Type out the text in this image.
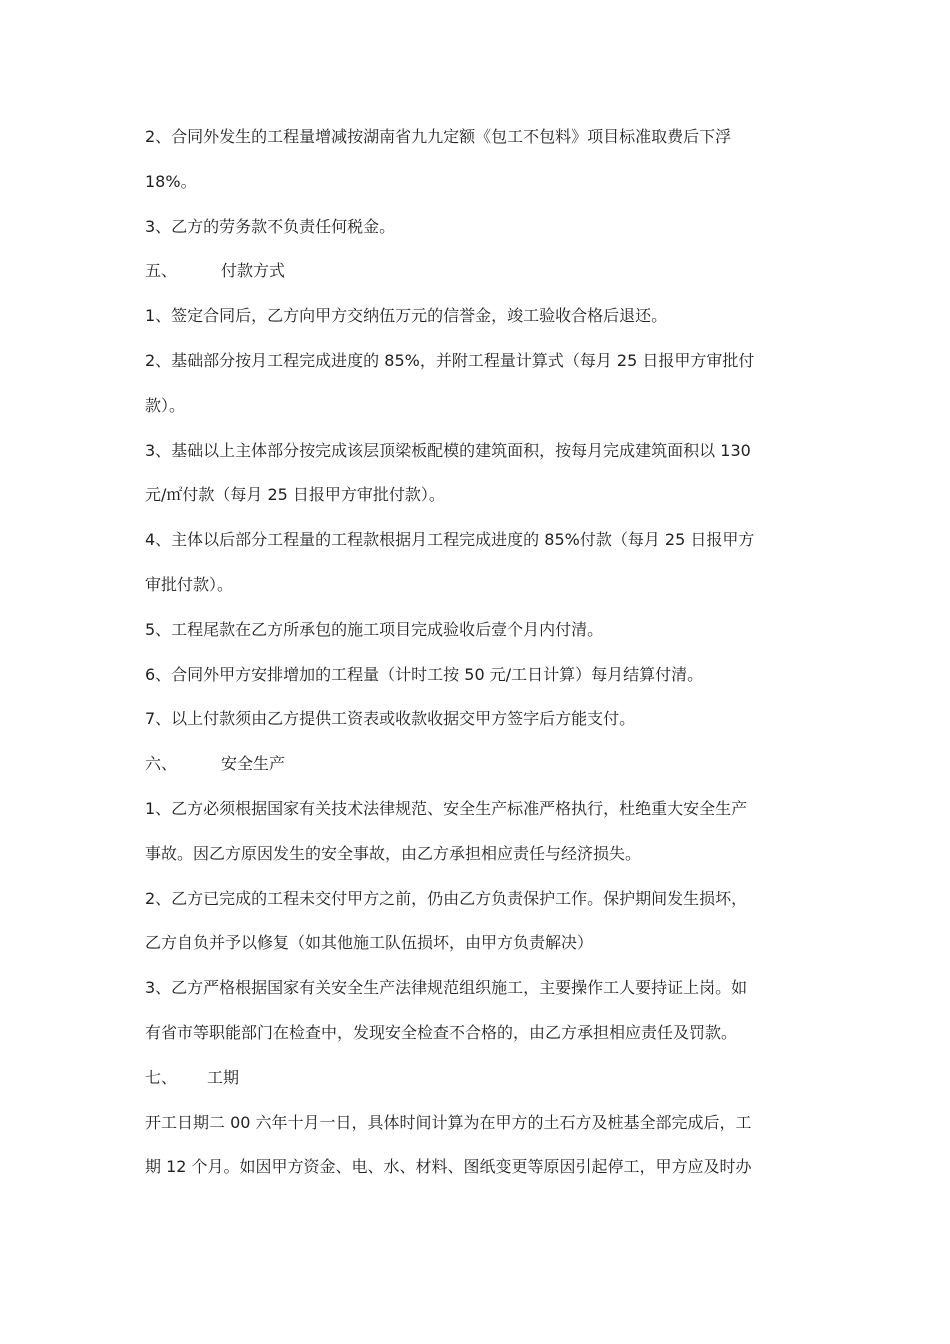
2、合同外发生的工程量增减按湖南省九九定额《包工不包料》项目标准取费后下浮
18%。
3、乙方的劳务款不负责任何税金。
五、	付款方式
1、签定合同后，乙方向甲方交纳伍万元的信誉金，竣工验收合格后退还。
2、基础部分按月工程完成进度的 85%，并附工程量计算式（每月 25 日报甲方审批付
款）。
3、基础以上主体部分按完成该层顶梁板配模的建筑面积，按每月完成建筑面积以 130
元/㎡付款（每月 25 日报甲方审批付款）。
4、主体以后部分工程量的工程款根据月工程完成进度的 85%付款（每月 25 日报甲方
审批付款）。
5、工程尾款在乙方所承包的施工项目完成验收后壹个月内付清。
6、合同外甲方安排增加的工程量（计时工按 50 元/工日计算）每月结算付清。
7、以上付款须由乙方提供工资表或收款收据交甲方签字后方能支付。
六、	安全生产
1、乙方必须根据国家有关技术法律规范、安全生产标准严格执行，杜绝重大安全生产
事故。因乙方原因发生的安全事故，由乙方承担相应责任与经济损失。
2、乙方已完成的工程未交付甲方之前，仍由乙方负责保护工作。保护期间发生损坏，
乙方自负并予以修复（如其他施工队伍损坏，由甲方负责解决）
3、乙方严格根据国家有关安全生产法律规范组织施工，主要操作工人要持证上岗。如
有省市等职能部门在检查中，发现安全检查不合格的，由乙方承担相应责任及罚款。
七、 工期
开工日期二 00 六年十月一日，具体时间计算为在甲方的土石方及桩基全部完成后，工
期 12 个月。如因甲方资金、电、水、材料、图纸变更等原因引起停工，甲方应及时办
